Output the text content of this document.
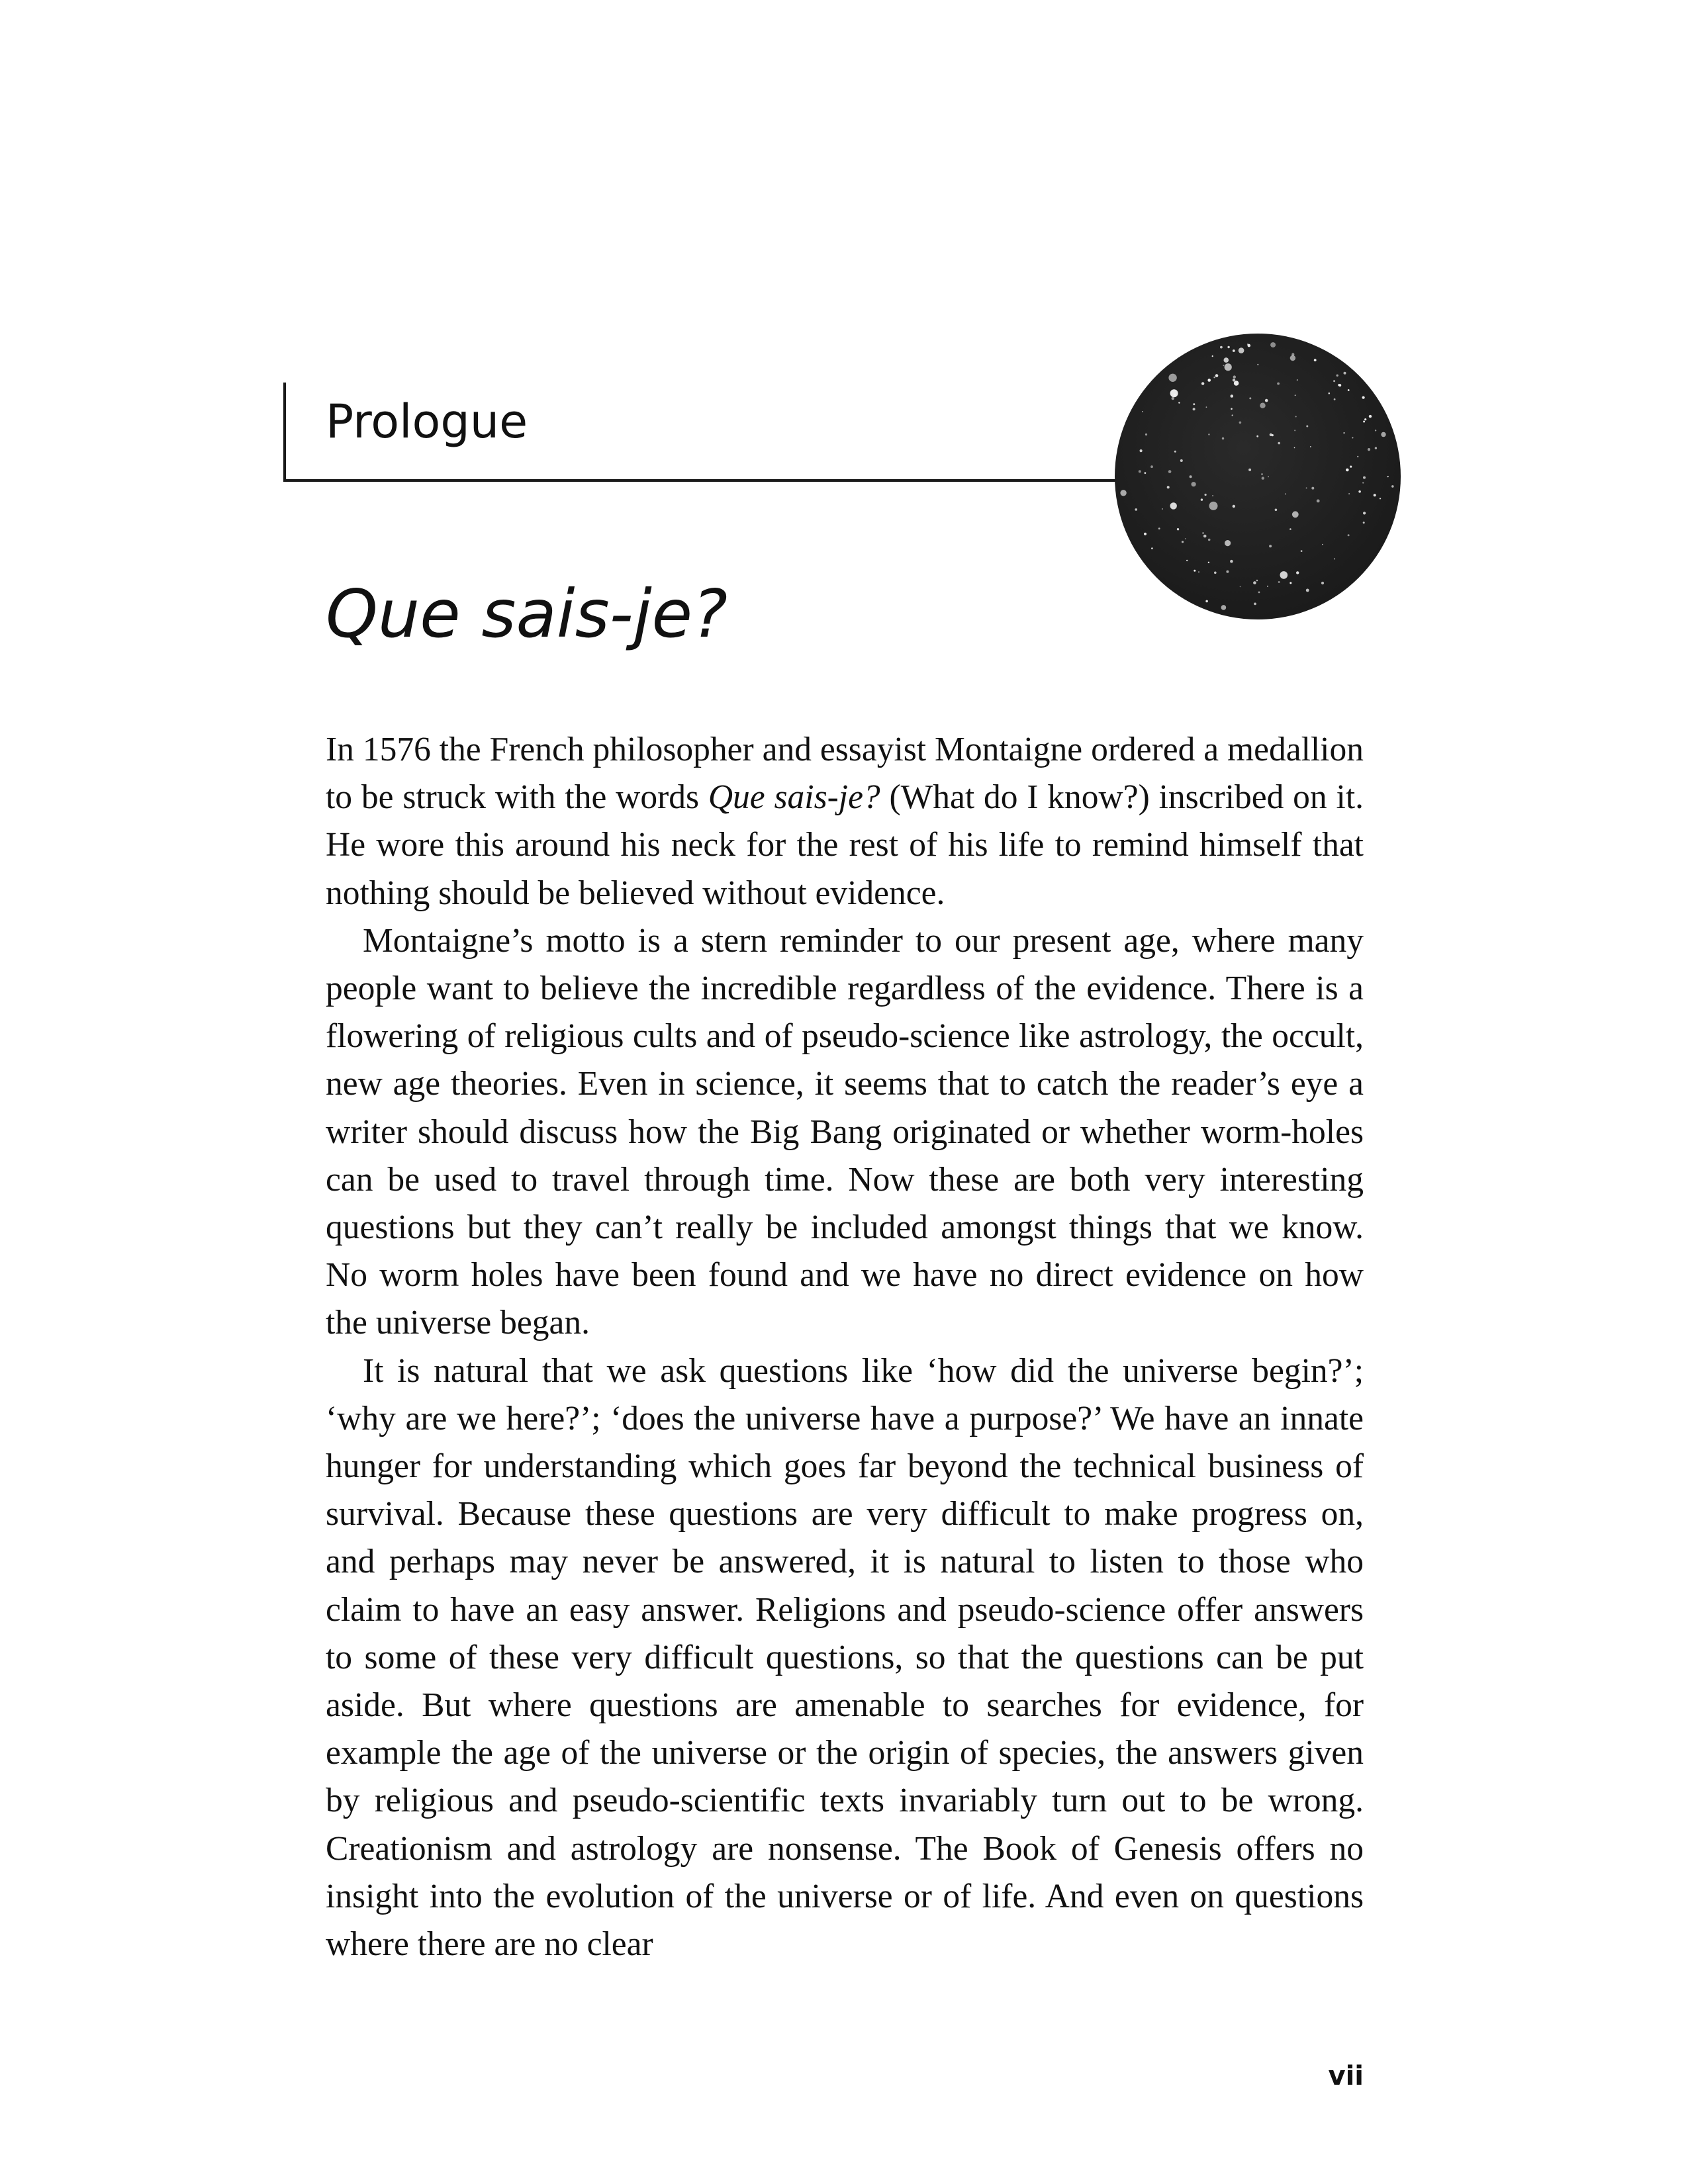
Prologue
Que sais-je?

In 1576 the French philosopher and essayist Montaigne ordered a medallion to be struck with the words Que sais-je? (What do I know?) inscribed on it. He wore this around his neck for the rest of his life to remind himself that nothing should be believed without evidence.

Montaigne’s motto is a stern reminder to our present age, where many people want to believe the incredible regardless of the evidence. There is a flowering of religious cults and of pseudo-science like astrology, the occult, new age theories. Even in science, it seems that to catch the reader’s eye a writer should discuss how the Big Bang originated or whether worm-holes can be used to travel through time. Now these are both very interesting questions but they can’t really be included amongst things that we know. No worm holes have been found and we have no direct evidence on how the universe began.

It is natural that we ask questions like ‘how did the universe begin?’; ‘why are we here?’; ‘does the universe have a purpose?’ We have an innate hunger for understanding which goes far beyond the technical business of survival. Because these questions are very difficult to make progress on, and perhaps may never be answered, it is natural to listen to those who claim to have an easy answer. Religions and pseudo-science offer answers to some of these very difficult questions, so that the questions can be put aside. But where questions are amenable to searches for evidence, for example the age of the universe or the origin of species, the answers given by religious and pseudo-scientific texts invariably turn out to be wrong. Creationism and astrology are nonsense. The Book of Genesis offers no insight into the evolution of the universe or of life. And even on questions where there are no clear

vii
